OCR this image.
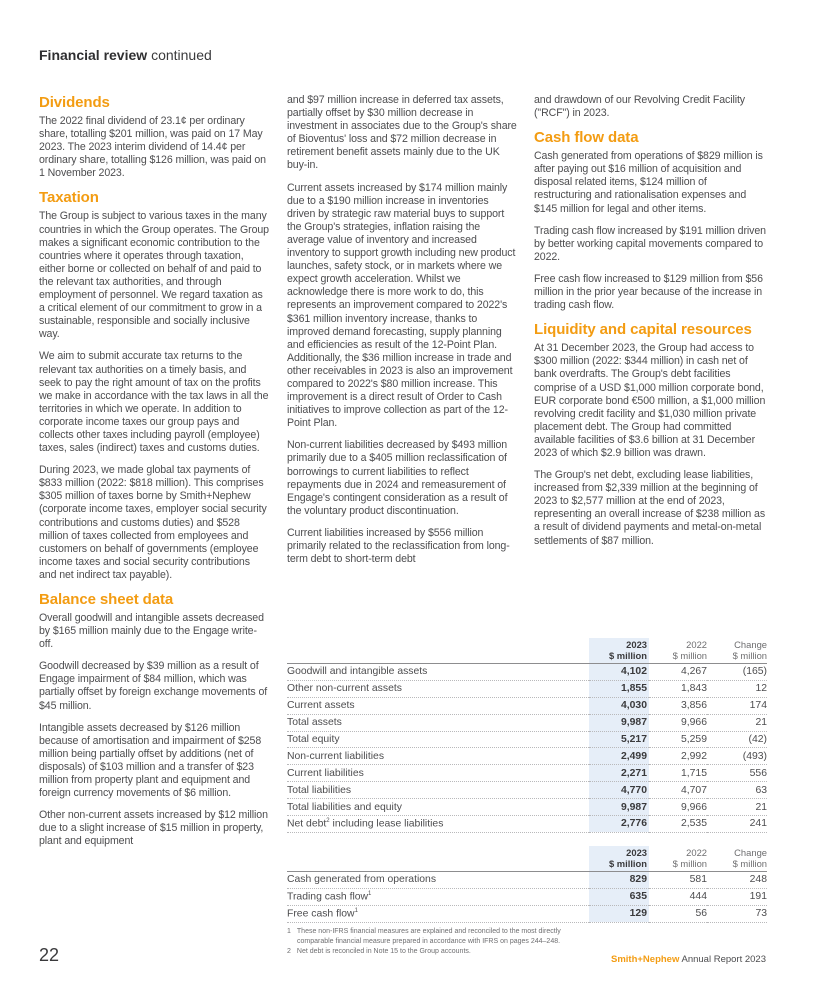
Financial review continued
Dividends

The 2022 final dividend of 23.1¢ per ordinary share, totalling $201 million, was paid on 17 May 2023. The 2023 interim dividend of 14.4¢ per ordinary share, totalling $126 million, was paid on 1 November 2023.

Taxation

The Group is subject to various taxes in the many countries in which the Group operates. The Group makes a significant economic contribution to the countries where it operates through taxation, either borne or collected on behalf of and paid to the relevant tax authorities, and through employment of personnel. We regard taxation as a critical element of our commitment to grow in a sustainable, responsible and socially inclusive way.

We aim to submit accurate tax returns to the relevant tax authorities on a timely basis, and seek to pay the right amount of tax on the profits we make in accordance with the tax laws in all the territories in which we operate. In addition to corporate income taxes our group pays and collects other taxes including payroll (employee) taxes, sales (indirect) taxes and customs duties.

During 2023, we made global tax payments of $833 million (2022: $818 million). This comprises $305 million of taxes borne by Smith+Nephew (corporate income taxes, employer social security contributions and customs duties) and $528 million of taxes collected from employees and customers on behalf of governments (employee income taxes and social security contributions and net indirect tax payable).

Balance sheet data

Overall goodwill and intangible assets decreased by $165 million mainly due to the Engage write-off.

Goodwill decreased by $39 million as a result of Engage impairment of $84 million, which was partially offset by foreign exchange movements of $45 million.

Intangible assets decreased by $126 million because of amortisation and impairment of $258 million being partially offset by additions (net of disposals) of $103 million and a transfer of $23 million from property plant and equipment and foreign currency movements of $6 million.

Other non-current assets increased by $12 million due to a slight increase of $15 million in property, plant and equipment

and $97 million increase in deferred tax assets, partially offset by $30 million decrease in investment in associates due to the Group's share of Bioventus' loss and $72 million decrease in retirement benefit assets mainly due to the UK buy-in.

Current assets increased by $174 million mainly due to a $190 million increase in inventories driven by strategic raw material buys to support the Group's strategies, inflation raising the average value of inventory and increased inventory to support growth including new product launches, safety stock, or in markets where we expect growth acceleration. Whilst we acknowledge there is more work to do, this represents an improvement compared to 2022's $361 million inventory increase, thanks to improved demand forecasting, supply planning and efficiencies as result of the 12-Point Plan. Additionally, the $36 million increase in trade and other receivables in 2023 is also an improvement compared to 2022's $80 million increase. This improvement is a direct result of Order to Cash initiatives to improve collection as part of the 12-Point Plan.

Non-current liabilities decreased by $493 million primarily due to a $405 million reclassification of borrowings to current liabilities to reflect repayments due in 2024 and remeasurement of Engage's contingent consideration as a result of the voluntary product discontinuation.

Current liabilities increased by $556 million primarily related to the reclassification from long-term debt to short-term debt

and drawdown of our Revolving Credit Facility ("RCF") in 2023.

Cash flow data

Cash generated from operations of $829 million is after paying out $16 million of acquisition and disposal related items, $124 million of restructuring and rationalisation expenses and $145 million for legal and other items.

Trading cash flow increased by $191 million driven by better working capital movements compared to 2022.

Free cash flow increased to $129 million from $56 million in the prior year because of the increase in trading cash flow.

Liquidity and capital resources

At 31 December 2023, the Group had access to $300 million (2022: $344 million) in cash net of bank overdrafts. The Group's debt facilities comprise of a USD $1,000 million corporate bond, EUR corporate bond €500 million, a $1,000 million revolving credit facility and $1,030 million private placement debt. The Group had committed available facilities of $3.6 billion at 31 December 2023 of which $2.9 billion was drawn.

The Group's net debt, excluding lease liabilities, increased from $2,339 million at the beginning of 2023 to $2,577 million at the end of 2023, representing an overall increase of $238 million as a result of dividend payments and metal-on-metal settlements of $87 million.

	2023
$ million	2022
$ million	Change
$ million
Goodwill and intangible assets	4,102	4,267	(165)
Other non-current assets	1,855	1,843	12
Current assets	4,030	3,856	174
Total assets	9,987	9,966	21
Total equity	5,217	5,259	(42)
Non-current liabilities	2,499	2,992	(493)
Current liabilities	2,271	1,715	556
Total liabilities	4,770	4,707	63
Total liabilities and equity	9,987	9,966	21
Net debt$^2$ including lease liabilities	2,776	2,535	241
	2023
$ million	2022
$ million	Change
$ million
Cash generated from operations	829	581	248
Trading cash flow$^1$	635	444	191
Free cash flow$^1$	129	56	73
1 These non-IFRS financial measures are explained and reconciled to the most directly
comparable financial measure prepared in accordance with IFRS on pages 244–248.
2 Net debt is reconciled in Note 15 to the Group accounts.
22	Smith+Nephew Annual Report 2023
